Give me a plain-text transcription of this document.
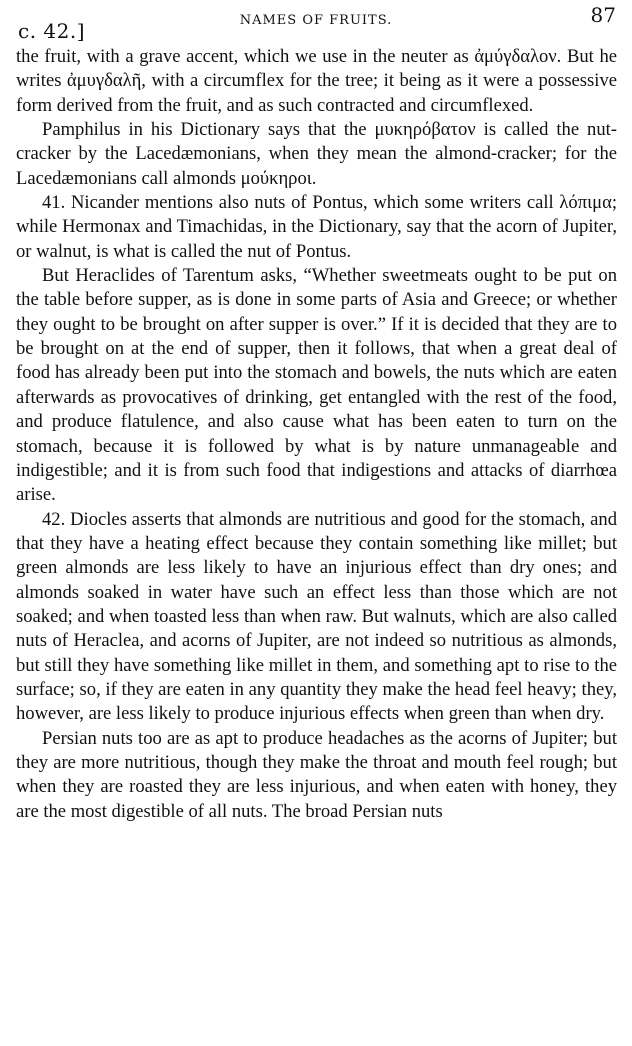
c. 42.]	NAMES OF FRUITS.	87

the fruit, with a grave accent, which we use in the neuter as ἀμύγδαλον. But he writes ἀμυγδαλῆ, with a circumflex for the tree; it being as it were a possessive form derived from the fruit, and as such contracted and circumflexed.

Pamphilus in his Dictionary says that the μυκηρόβατον is called the nut-cracker by the Lacedæmonians, when they mean the almond-cracker; for the Lacedæmonians call almonds μούκηροι.

41. Nicander mentions also nuts of Pontus, which some writers call λόπιμα; while Hermonax and Timachidas, in the Dictionary, say that the acorn of Jupiter, or walnut, is what is called the nut of Pontus.

But Heraclides of Tarentum asks, “Whether sweetmeats ought to be put on the table before supper, as is done in some parts of Asia and Greece; or whether they ought to be brought on after supper is over.” If it is decided that they are to be brought on at the end of supper, then it follows, that when a great deal of food has already been put into the stomach and bowels, the nuts which are eaten afterwards as provocatives of drinking, get entangled with the rest of the food, and produce flatulence, and also cause what has been eaten to turn on the stomach, because it is followed by what is by nature unmanageable and indigestible; and it is from such food that indigestions and attacks of diarrhœa arise.

42. Diocles asserts that almonds are nutritious and good for the stomach, and that they have a heating effect because they contain something like millet; but green almonds are less likely to have an injurious effect than dry ones; and almonds soaked in water have such an effect less than those which are not soaked; and when toasted less than when raw. But walnuts, which are also called nuts of Heraclea, and acorns of Jupiter, are not indeed so nutritious as almonds, but still they have something like millet in them, and something apt to rise to the surface; so, if they are eaten in any quantity they make the head feel heavy; they, however, are less likely to produce injurious effects when green than when dry.

Persian nuts too are as apt to produce headaches as the acorns of Jupiter; but they are more nutritious, though they make the throat and mouth feel rough; but when they are roasted they are less injurious, and when eaten with honey, they are the most digestible of all nuts. The broad Persian nuts
